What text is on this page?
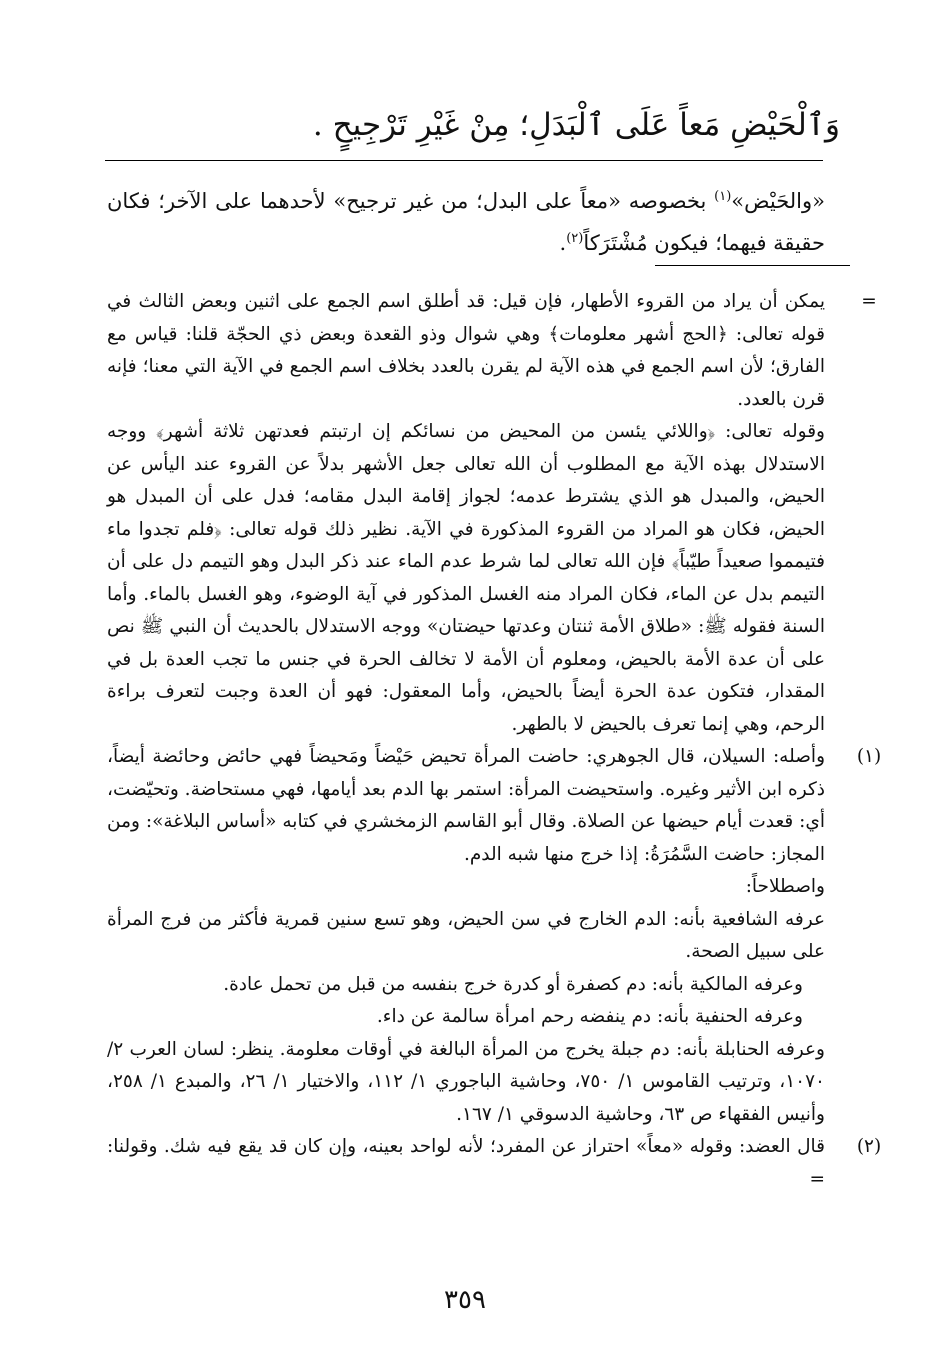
وَٱلْحَيْضِ مَعاً عَلَى ٱلْبَدَلِ؛ مِنْ غَيْرِ تَرْجِيحٍ .
«والحَيْض»$^{(١)}$ بخصوصه «معاً على البدل؛ من غير ترجيح» لأحدهما على الآخر؛ فكان حقيقة فيهما؛ فيكون مُشْتَرَكاً$^{(٢)}$.
=

يمكن أن يراد من القروء الأطهار، فإن قيل: قد أطلق اسم الجمع على اثنين وبعض الثالث في قوله تعالى: ﴿الحج أشهر معلومات﴾ وهي شوال وذو القعدة وبعض ذي الحجّة قلنا: قياس مع الفارق؛ لأن اسم الجمع في هذه الآية لم يقرن بالعدد بخلاف اسم الجمع في الآية التي معنا؛ فإنه قرن بالعدد.

وقوله تعالى: ﴿واللائي يئسن من المحيض من نسائكم إن ارتبتم فعدتهن ثلاثة أشهر﴾ ووجه الاستدلال بهذه الآية مع المطلوب أن الله تعالى جعل الأشهر بدلاً عن القروء عند اليأس عن الحيض، والمبدل هو الذي يشترط عدمه؛ لجواز إقامة البدل مقامه؛ فدل على أن المبدل هو الحيض، فكان هو المراد من القروء المذكورة في الآية. نظير ذلك قوله تعالى: ﴿فلم تجدوا ماء فتيمموا صعيداً طيّباً﴾ فإن الله تعالى لما شرط عدم الماء عند ذكر البدل وهو التيمم دل على أن التيمم بدل عن الماء، فكان المراد منه الغسل المذكور في آية الوضوء، وهو الغسل بالماء. وأما السنة فقوله ﷺ: «طلاق الأمة ثنتان وعدتها حيضتان» ووجه الاستدلال بالحديث أن النبي ﷺ نص على أن عدة الأمة بالحيض، ومعلوم أن الأمة لا تخالف الحرة في جنس ما تجب العدة بل في المقدار، فتكون عدة الحرة أيضاً بالحيض، وأما المعقول: فهو أن العدة وجبت لتعرف براءة الرحم، وهي إنما تعرف بالحيض لا بالطهر.

(١)

وأصله: السيلان، قال الجوهري: حاضت المرأة تحيض حَيْضاً ومَحيضاً فهي حائض وحائضة أيضاً، ذكره ابن الأثير وغيره. واستحيضت المرأة: استمر بها الدم بعد أيامها، فهي مستحاضة. وتحيّضت، أي: قعدت أيام حيضها عن الصلاة. وقال أبو القاسم الزمخشري في كتابه «أساس البلاغة»: ومن المجاز: حاضت السَّمُرَةُ: إذا خرج منها شبه الدم.

واصطلاحاً:

عرفه الشافعية بأنه: الدم الخارج في سن الحيض، وهو تسع سنين قمرية فأكثر من فرج المرأة على سبيل الصحة.

وعرفه المالكية بأنه: دم كصفرة أو كدرة خرج بنفسه من قبل من تحمل عادة.

وعرفه الحنفية بأنه: دم ينفضه رحم امرأة سالمة عن داء.

وعرفه الحنابلة بأنه: دم جبلة يخرج من المرأة البالغة في أوقات معلومة. ينظر: لسان العرب ٢/ ١٠٧٠، وترتيب القاموس ١/ ٧٥٠، وحاشية الباجوري ١/ ١١٢، والاختيار ١/ ٢٦، والمبدع ١/ ٢٥٨، وأنيس الفقهاء ص ٦٣، وحاشية الدسوقي ١/ ١٦٧.

(٢)

قال العضد: وقوله «معاً» احتراز عن المفرد؛ لأنه لواحد بعينه، وإن كان قد يقع فيه شك. وقولنا: =

٣٥٩
